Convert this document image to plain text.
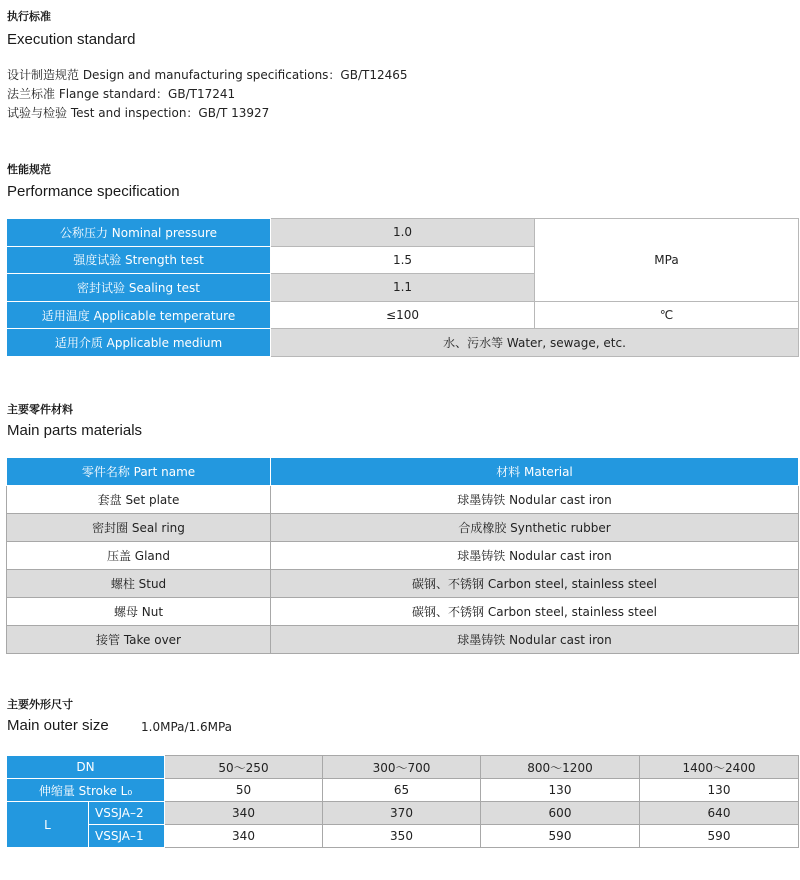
执行标准
Execution standard
设计制造规范 Design and manufacturing specifications：GB/T12465
法兰标准 Flange standard：GB/T17241
试验与检验 Test and inspection：GB/T 13927
性能规范
Performance specification
公称压力 Nominal pressure	1.0	MPa
强度试验 Strength test	1.5	
密封试验 Sealing test	1.1	
适用温度 Applicable temperature	≤100	℃
适用介质 Applicable medium	水、污水等 Water, sewage, etc.	
主要零件材料
Main parts materials
零件名称 Part name	材料 Material
套盘 Set plate	球墨铸铁 Nodular cast iron
密封圈 Seal ring	合成橡胶 Synthetic rubber
压盖 Gland	球墨铸铁 Nodular cast iron
螺柱 Stud	碳钢、不锈钢 Carbon steel, stainless steel
螺母 Nut	碳钢、不锈钢 Carbon steel, stainless steel
接管 Take over	球墨铸铁 Nodular cast iron
主要外形尺寸
Main outer size	1.0MPa/1.6MPa
DN		50～250	300～700	800～1200	1400～2400
伸缩量 Stroke L₀		50	65	130	130
L	VSSJA–2	340	370	600	640
	VSSJA–1	340	350	590	590
